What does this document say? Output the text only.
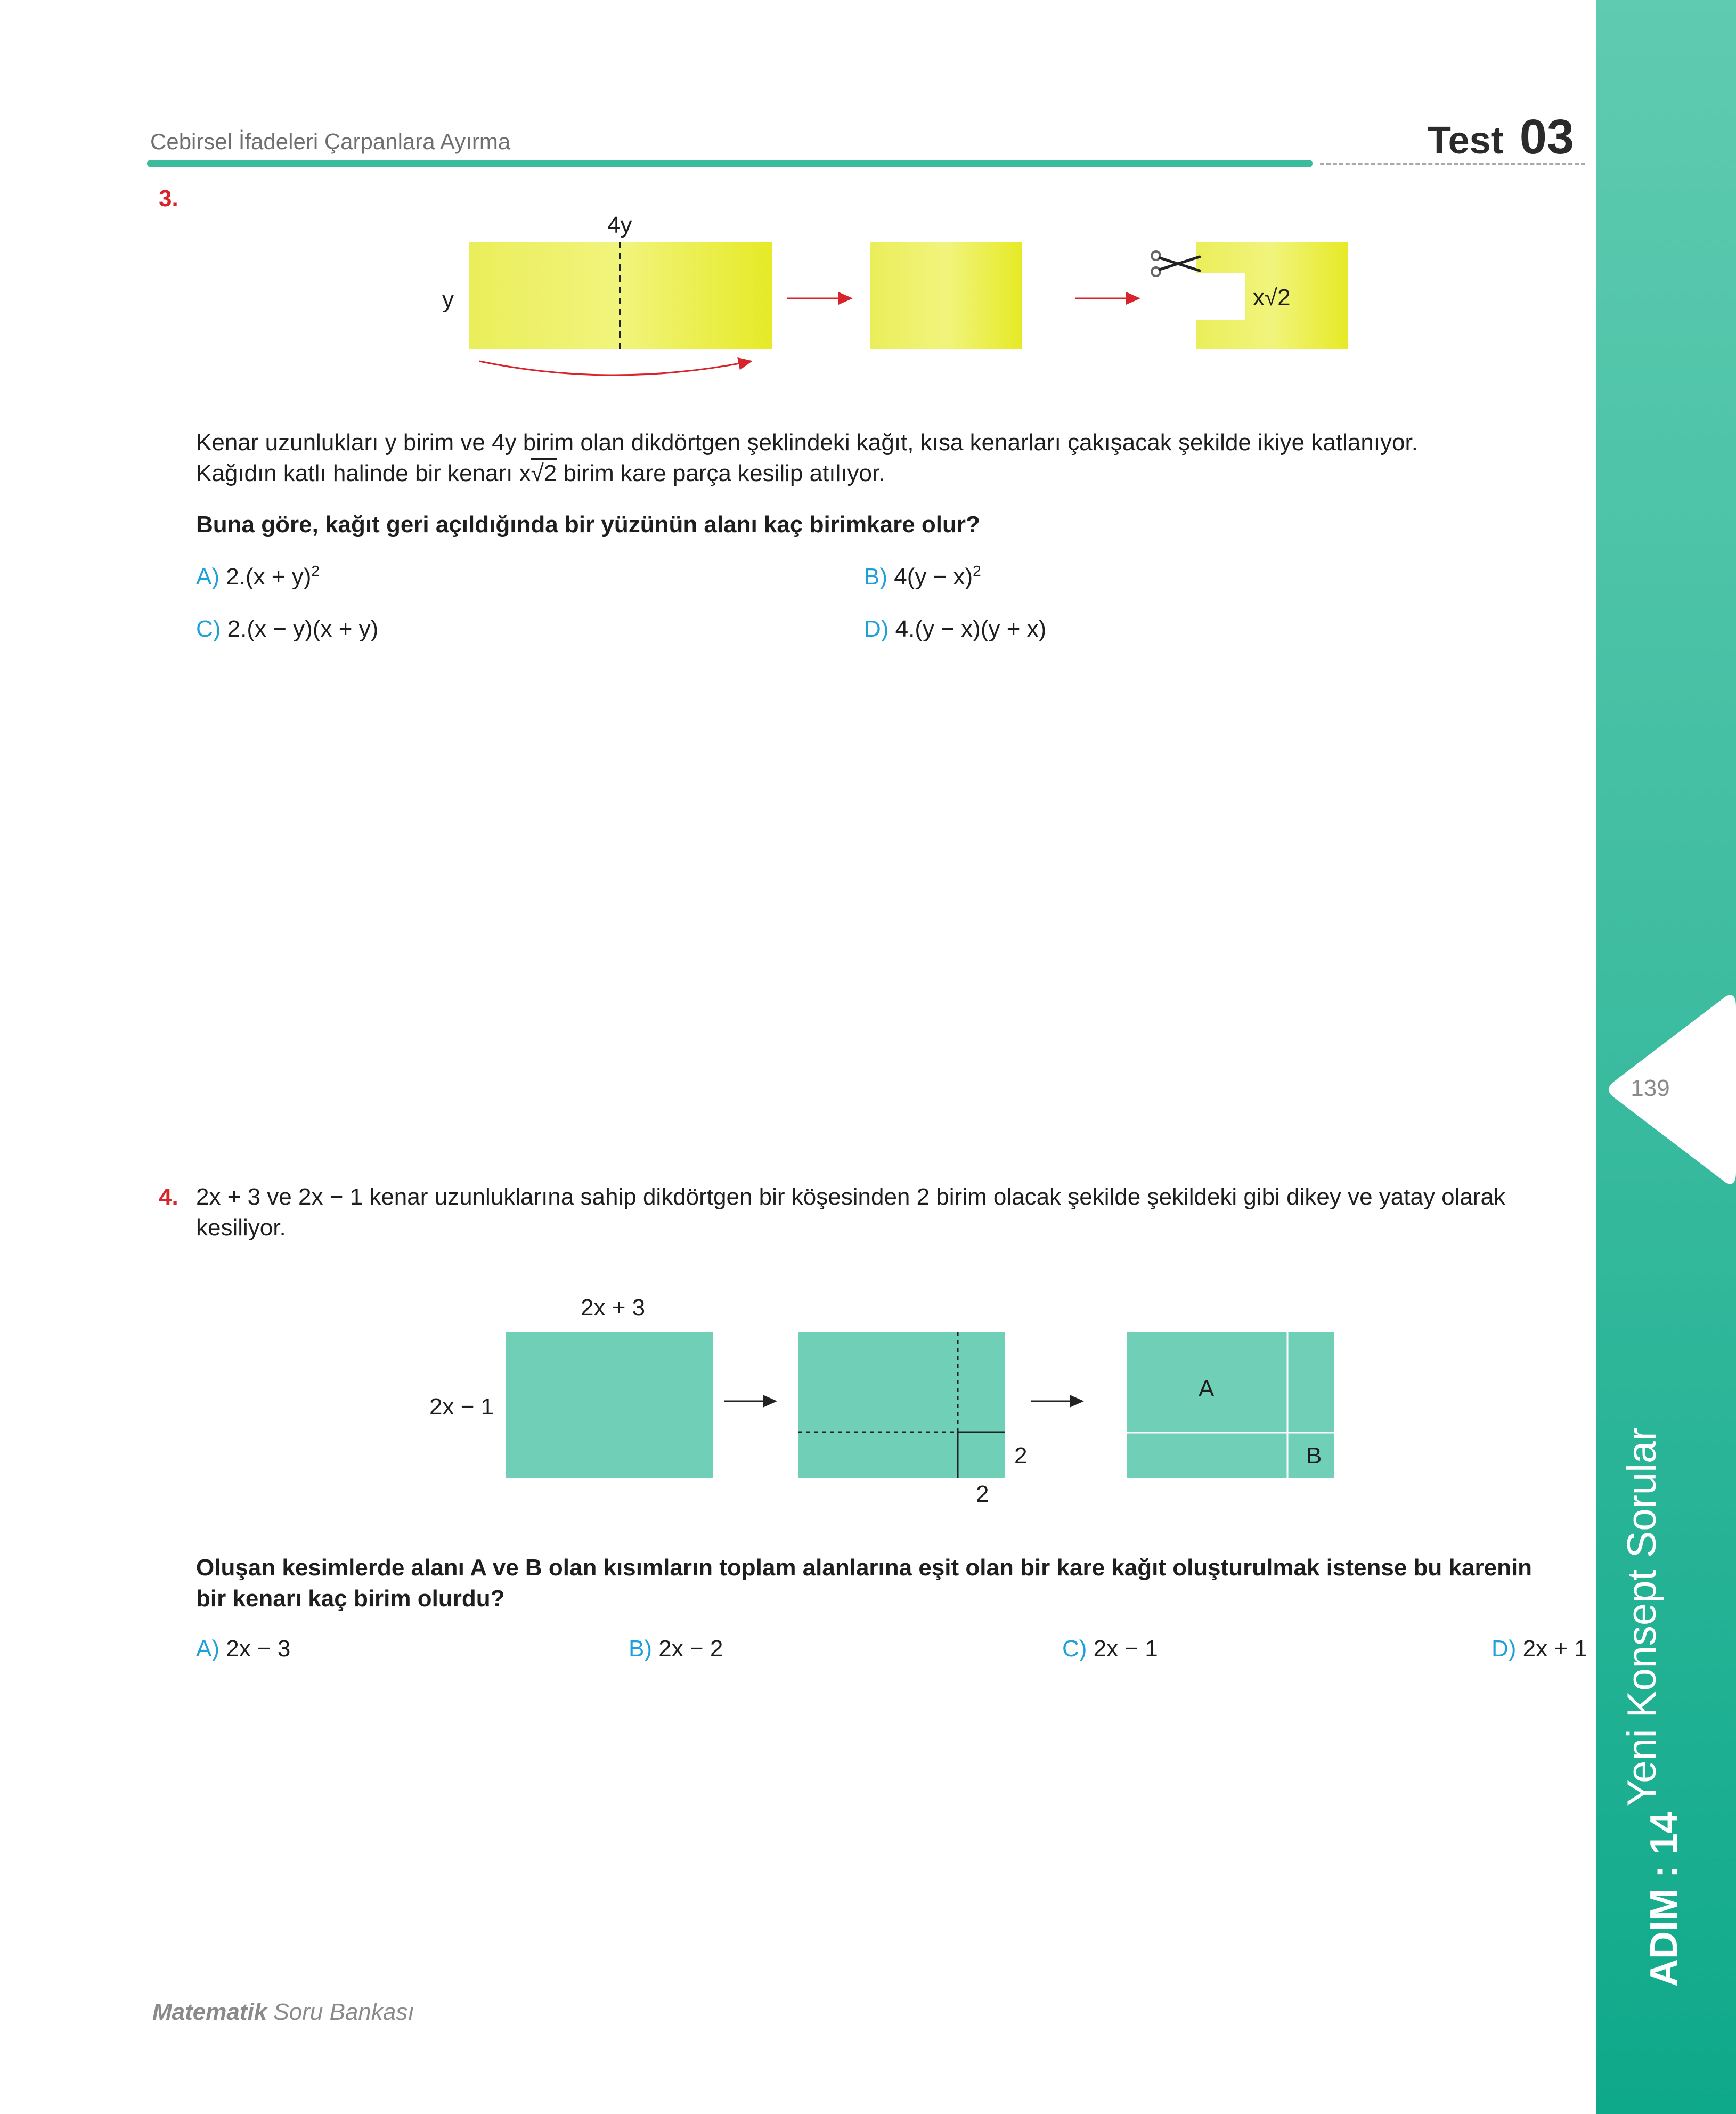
139
Yeni Konsept Sorular
ADIM : 14
Cebirsel İfadeleri Çarpanlara Ayırma	Test 03
3.
4y
y	x√2
Kenar uzunlukları y birim ve 4y birim olan dikdörtgen şeklindeki kağıt, kısa kenarları çakışacak şekilde ikiye katlanıyor.
Kağıdın katlı halinde bir kenarı x√2 birim kare parça kesilip atılıyor.
Buna göre, kağıt geri açıldığında bir yüzünün alanı kaç birimkare olur?
A) $2.(x + y)^2$	B) $4(y - x)^2$
C) 2.(x − y)(x + y)	D) 4.(y − x)(y + x)
4. 2x + 3 ve 2x − 1 kenar uzunluklarına sahip dikdörtgen bir köşesinden 2 birim olacak şekilde şekildeki gibi dikey ve yatay olarak
kesiliyor.
2x + 3
2x − 1
2
2
A
B
Oluşan kesimlerde alanı A ve B olan kısımların toplam alanlarına eşit olan bir kare kağıt oluşturulmak istense bu karenin
bir kenarı kaç birim olurdu?
A) 2x − 3	B) 2x − 2	C) 2x − 1	D) 2x + 1
Matematik Soru Bankası
